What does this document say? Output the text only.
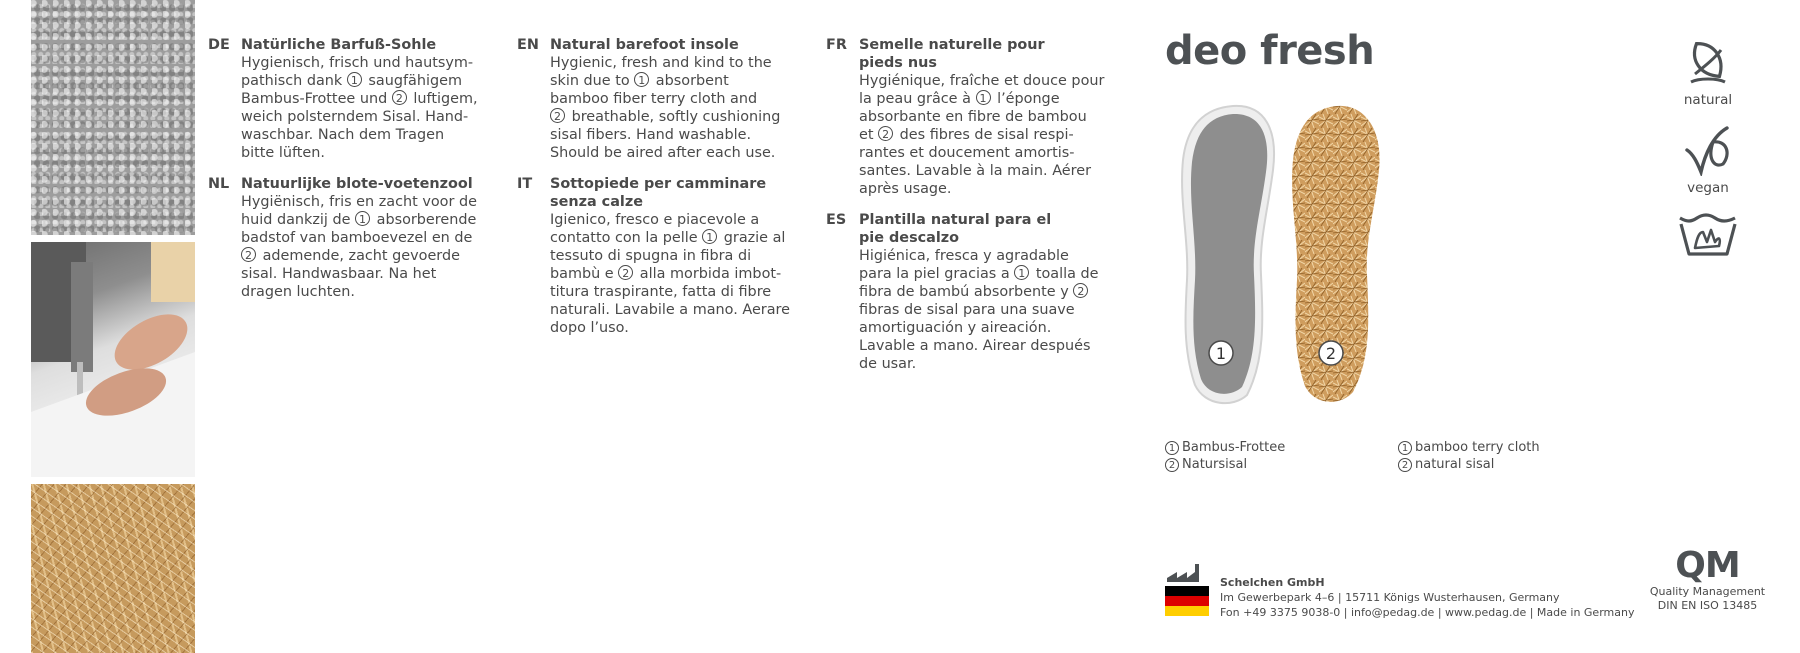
DE Natürliche Barfuß-Sohle
Hygienisch, frisch und hautsym-
pathisch dank 1 saugfähigem
Bambus-Frottee und 2 luftigem,
weich polsterndem Sisal. Hand-
waschbar. Nach dem Tragen
bitte lüften.
NL Natuurlijke blote-voetenzool
Hygiënisch, fris en zacht voor de
huid dankzij de 1 absorberende
badstof van bamboevezel en de
2 ademende, zacht gevoerde
sisal. Handwasbaar. Na het
dragen luchten.
EN Natural barefoot insole
Hygienic, fresh and kind to the
skin due to 1 absorbent
bamboo fiber terry cloth and
2 breathable, softly cushioning
sisal fibers. Hand washable.
Should be aired after each use.
IT Sottopiede per camminare
senza calze
Igienico, fresco e piacevole a
contatto con la pelle 1 grazie al
tessuto di spugna in fibra di
bambù e 2 alla morbida imbot-
titura traspirante, fatta di fibre
naturali. Lavabile a mano. Aerare
dopo l’uso.
FR Semelle naturelle pour
pieds nus
Hygiénique, fraîche et douce pour
la peau grâce à 1 l’éponge
absorbante en fibre de bambou
et 2 des fibres de sisal respi-
rantes et doucement amortis-
santes. Lavable à la main. Aérer
après usage.
ES Plantilla natural para el
pie descalzo
Higiénica, fresca y agradable
para la piel gracias a 1 toalla de
fibra de bambú absorbente y 2
fibras de sisal para una suave
amortiguación y aireación.
Lavable a mano. Airear después
de usar.
deo fresh
1	2
1 Bambus-Frottee
2 Natursisal
1 bamboo terry cloth
2 natural sisal
natural
vegan
Schelchen GmbH
Im Gewerbepark 4–6 | 15711 Königs Wusterhausen, Germany
Fon +49 3375 9038-0 | info@pedag.de | www.pedag.de | Made in Germany
QM
Quality Management
DIN EN ISO 13485
